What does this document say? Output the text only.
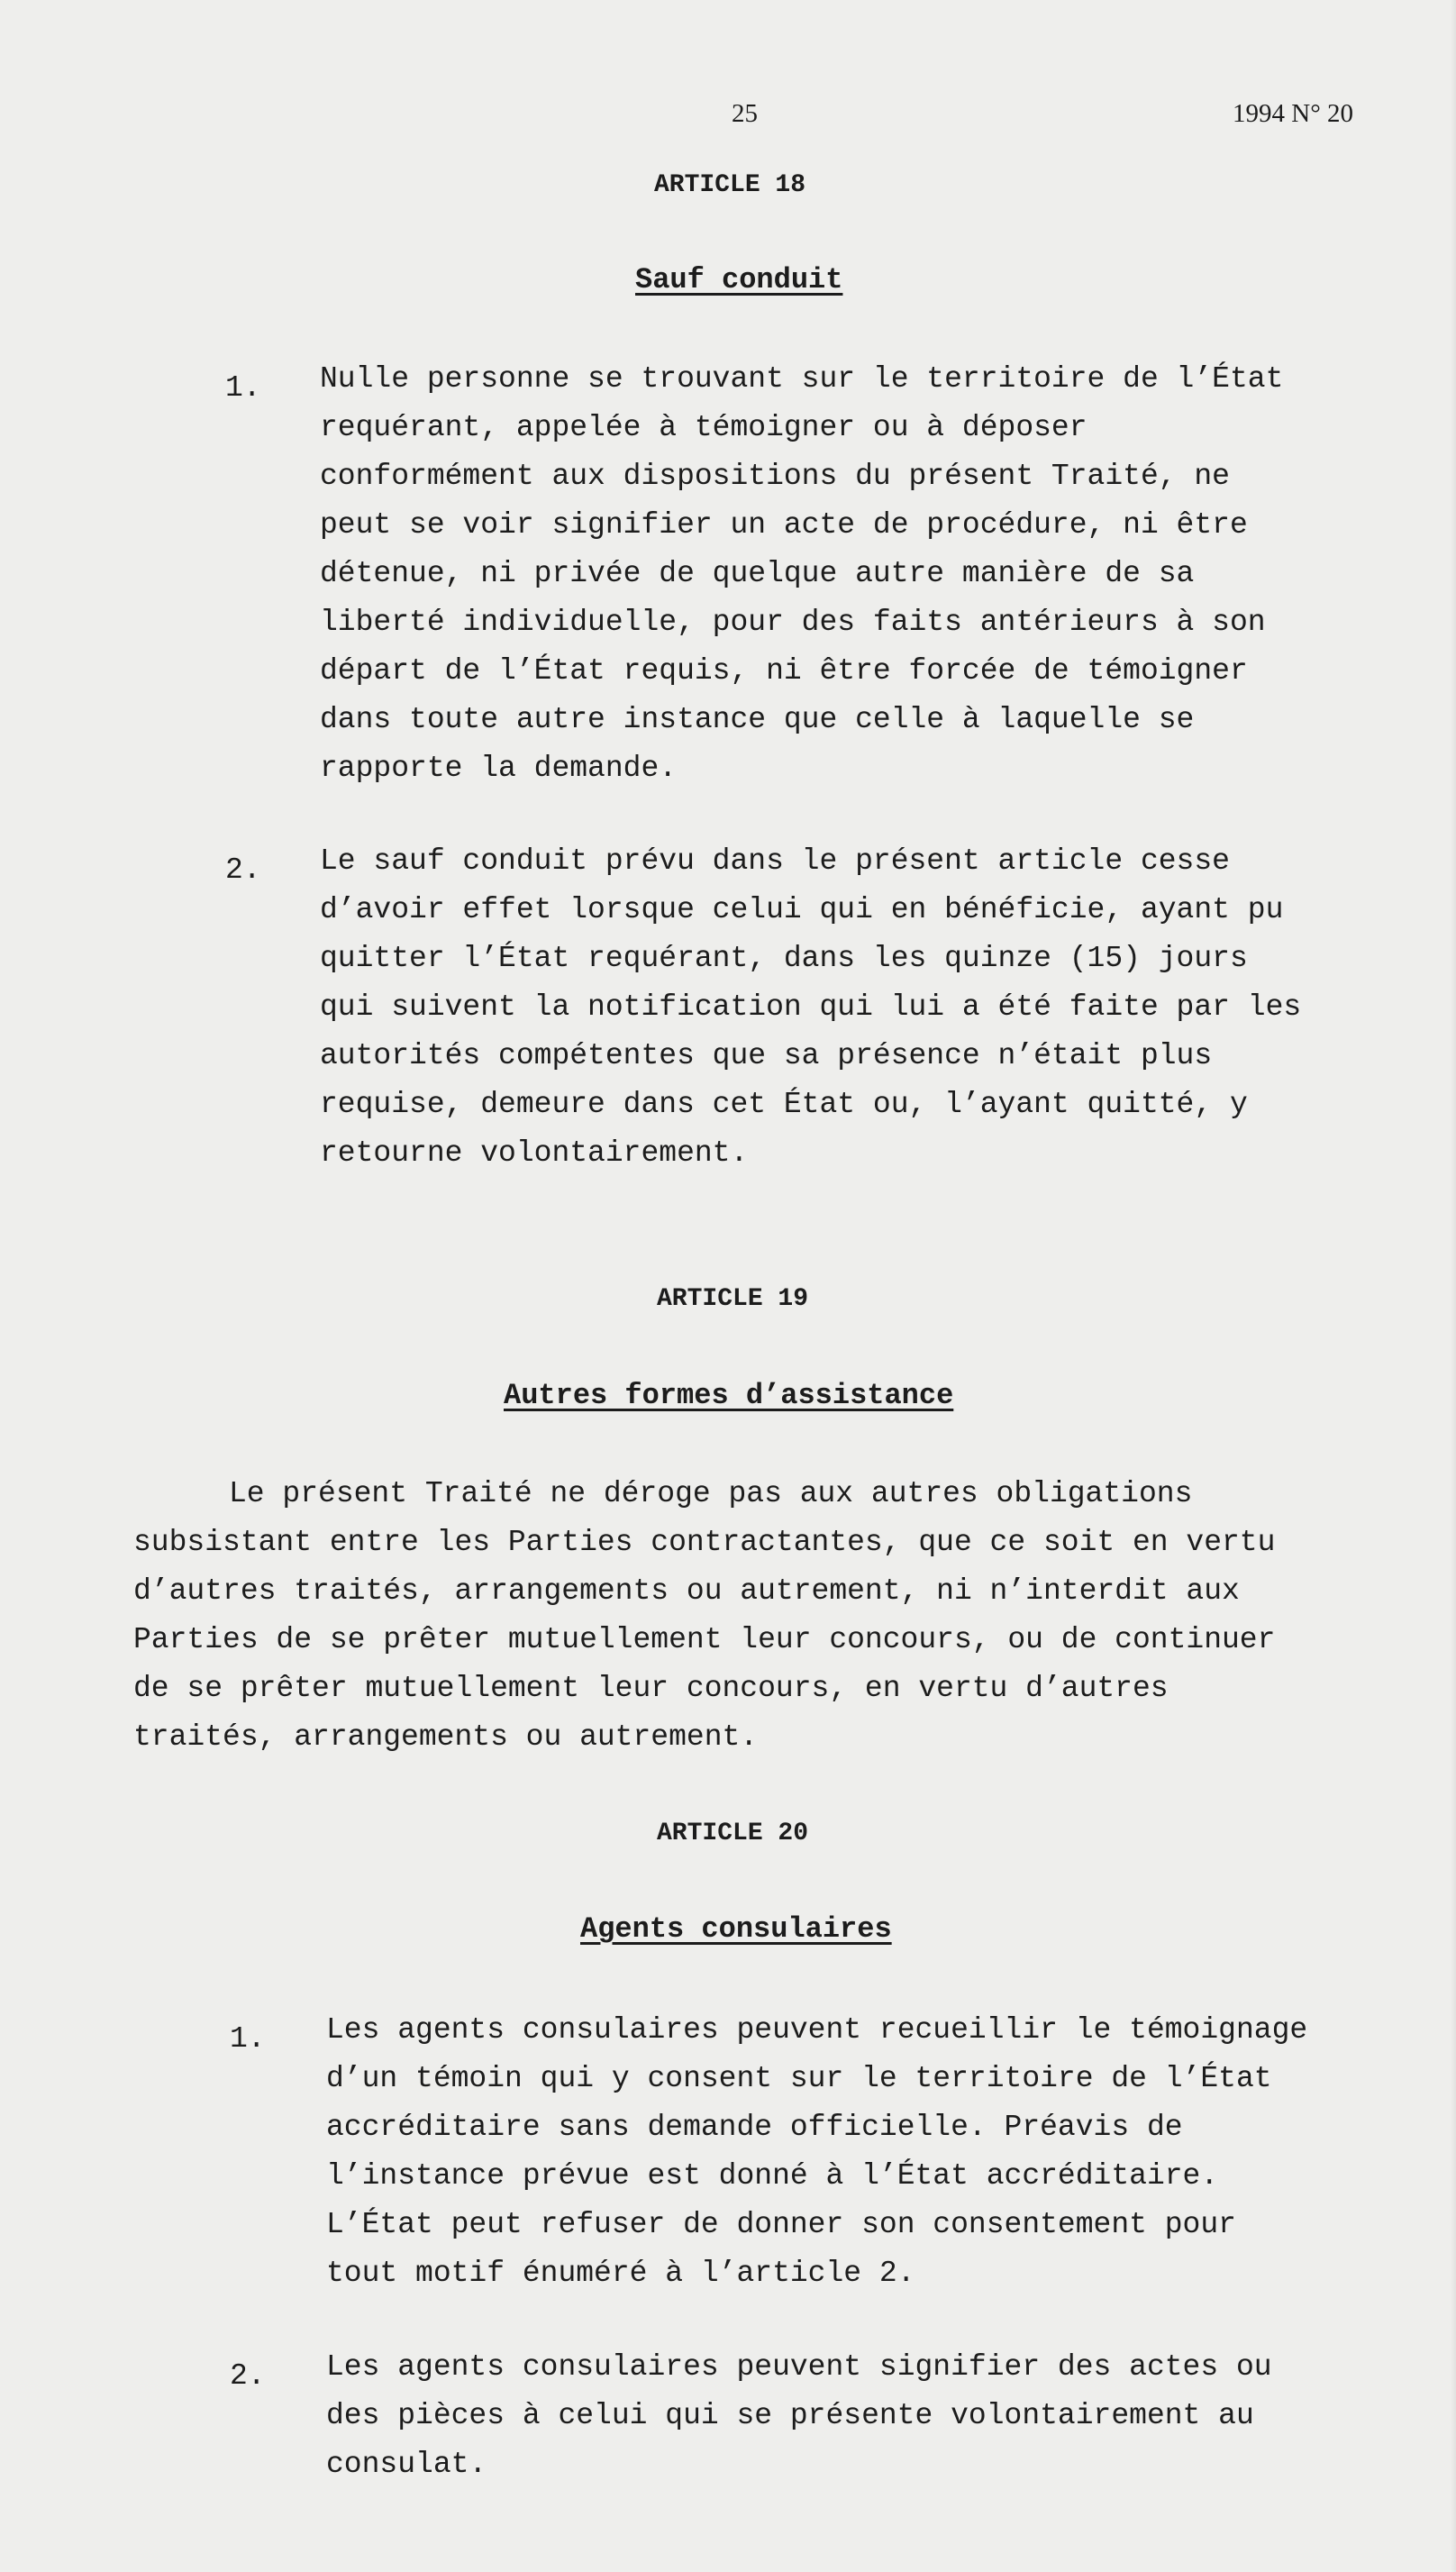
25	1994 N° 20
ARTICLE 18
Sauf conduit
1. Nulle personne se trouvant sur le territoire de l’État
requérant, appelée à témoigner ou à déposer
conformément aux dispositions du présent Traité, ne
peut se voir signifier un acte de procédure, ni être
détenue, ni privée de quelque autre manière de sa
liberté individuelle, pour des faits antérieurs à son
départ de l’État requis, ni être forcée de témoigner
dans toute autre instance que celle à laquelle se
rapporte la demande.
2. Le sauf conduit prévu dans le présent article cesse
d’avoir effet lorsque celui qui en bénéficie, ayant pu
quitter l’État requérant, dans les quinze (15) jours
qui suivent la notification qui lui a été faite par les
autorités compétentes que sa présence n’était plus
requise, demeure dans cet État ou, l’ayant quitté, y
retourne volontairement.
ARTICLE 19
Autres formes d’assistance
Le présent Traité ne déroge pas aux autres obligations
subsistant entre les Parties contractantes, que ce soit en vertu
d’autres traités, arrangements ou autrement, ni n’interdit aux
Parties de se prêter mutuellement leur concours, ou de continuer
de se prêter mutuellement leur concours, en vertu d’autres
traités, arrangements ou autrement.
ARTICLE 20
Agents consulaires
1. Les agents consulaires peuvent recueillir le témoignage
d’un témoin qui y consent sur le territoire de l’État
accréditaire sans demande officielle. Préavis de
l’instance prévue est donné à l’État accréditaire.
L’État peut refuser de donner son consentement pour
tout motif énuméré à l’article 2.
2. Les agents consulaires peuvent signifier des actes ou
des pièces à celui qui se présente volontairement au
consulat.
